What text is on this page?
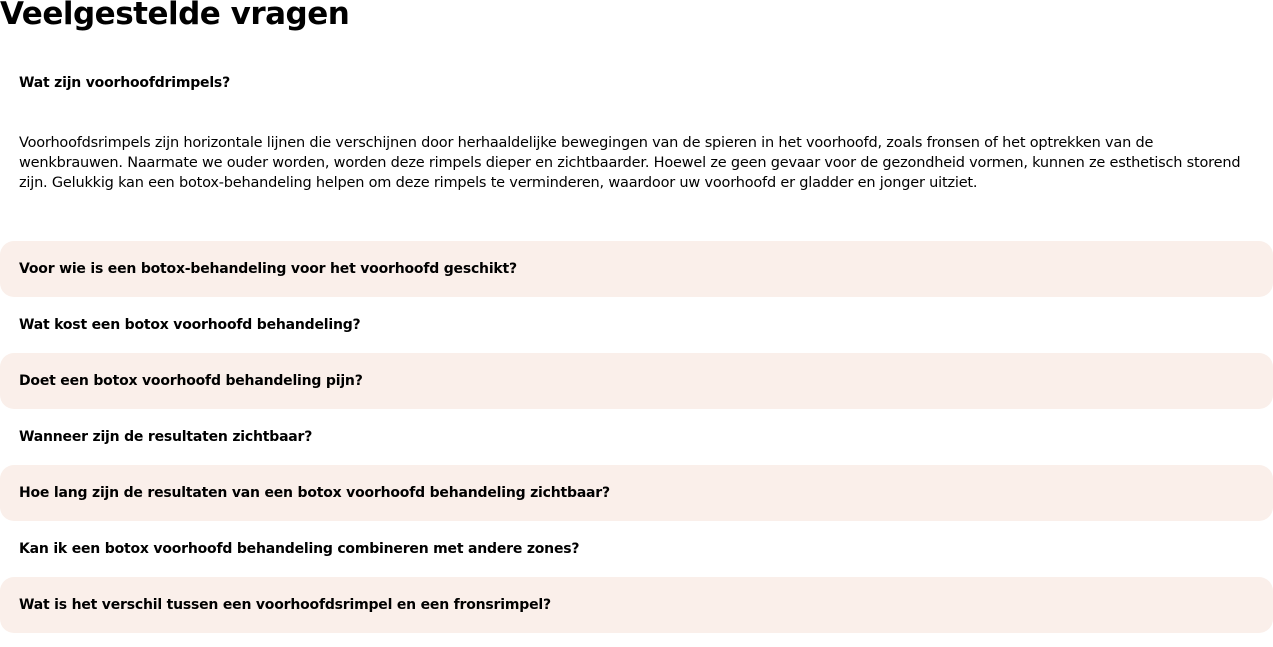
Veelgestelde vragen
Wat zijn voorhoofdrimpels?
Voorhoofdsrimpels zijn horizontale lijnen die verschijnen door herhaaldelijke bewegingen van de spieren in het voorhoofd, zoals fronsen of het optrekken van de wenkbrauwen. Naarmate we ouder worden, worden deze rimpels dieper en zichtbaarder. Hoewel ze geen gevaar voor de gezondheid vormen, kunnen ze esthetisch storend zijn. Gelukkig kan een botox-behandeling helpen om deze rimpels te verminderen, waardoor uw voorhoofd er gladder en jonger uitziet.
Voor wie is een botox-behandeling voor het voorhoofd geschikt?
Wat kost een botox voorhoofd behandeling?
Doet een botox voorhoofd behandeling pijn?
Wanneer zijn de resultaten zichtbaar?
Hoe lang zijn de resultaten van een botox voorhoofd behandeling zichtbaar?
Kan ik een botox voorhoofd behandeling combineren met andere zones?
Wat is het verschil tussen een voorhoofdsrimpel en een fronsrimpel?
